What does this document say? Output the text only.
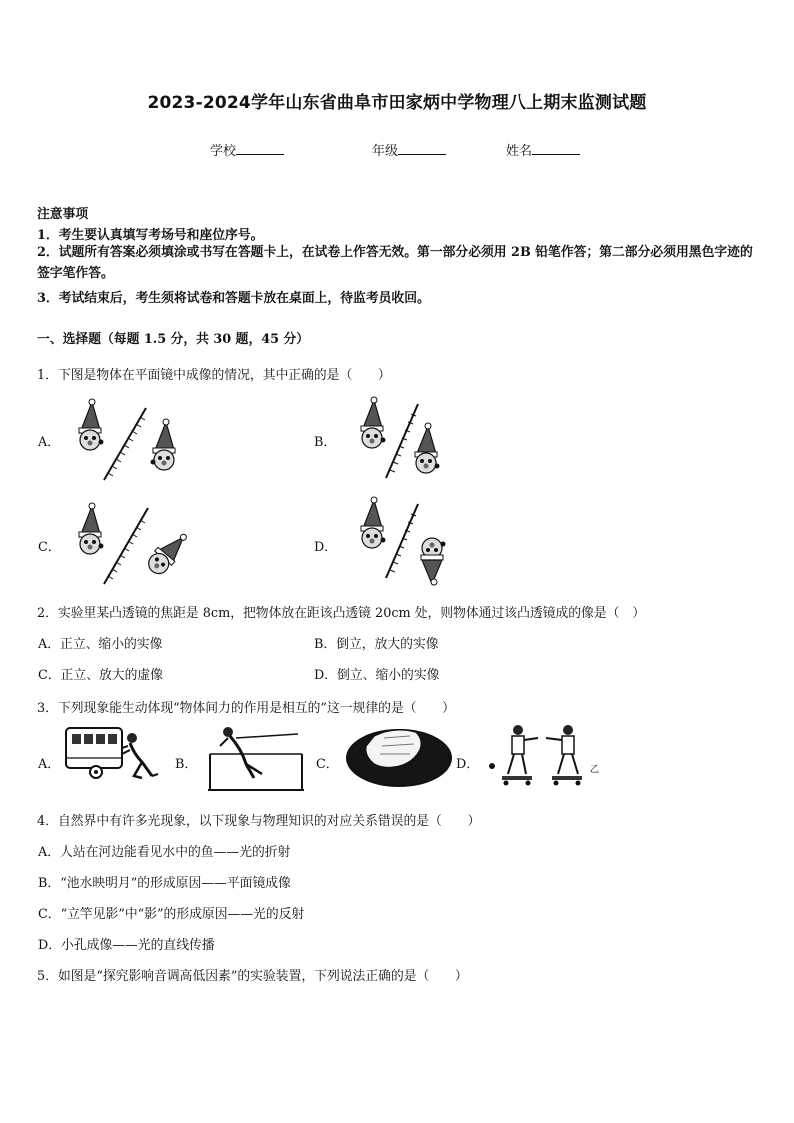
2023-2024学年山东省曲阜市田家炳中学物理八上期末监测试题
学校	年级	姓名
注意事项
1．考生要认真填写考场号和座位序号。
2．试题所有答案必须填涂或书写在答题卡上，在试卷上作答无效。第一部分必须用 2B 铅笔作答；第二部分必须用黑色字迹的签字笔作答。
3．考试结束后，考生须将试卷和答题卡放在桌面上，待监考员收回。
一、选择题（每题 1.5 分，共 30 题，45 分）
1．下图是物体在平面镜中成像的情况，其中正确的是（　　）
A．	B．
C．	D．
2．实验里某凸透镜的焦距是 8cm，把物体放在距该凸透镜 20cm 处，则物体通过该凸透镜成的像是（　）
A．正立、缩小的实像	B．倒立，放大的实像
C．正立、放大的虚像	D．倒立、缩小的实像
3．下列现象能生动体现“物体间力的作用是相互的”这一规律的是（　　）
A．	B．	C．	D．	乙
4．自然界中有许多光现象，以下现象与物理知识的对应关系错误的是（　　）
A．人站在河边能看见水中的鱼——光的折射
B．“池水映明月”的形成原因——平面镜成像
C．“立竿见影”中“影”的形成原因——光的反射
D．小孔成像——光的直线传播
5．如图是“探究影响音调高低因素”的实验装置，下列说法正确的是（　　）
